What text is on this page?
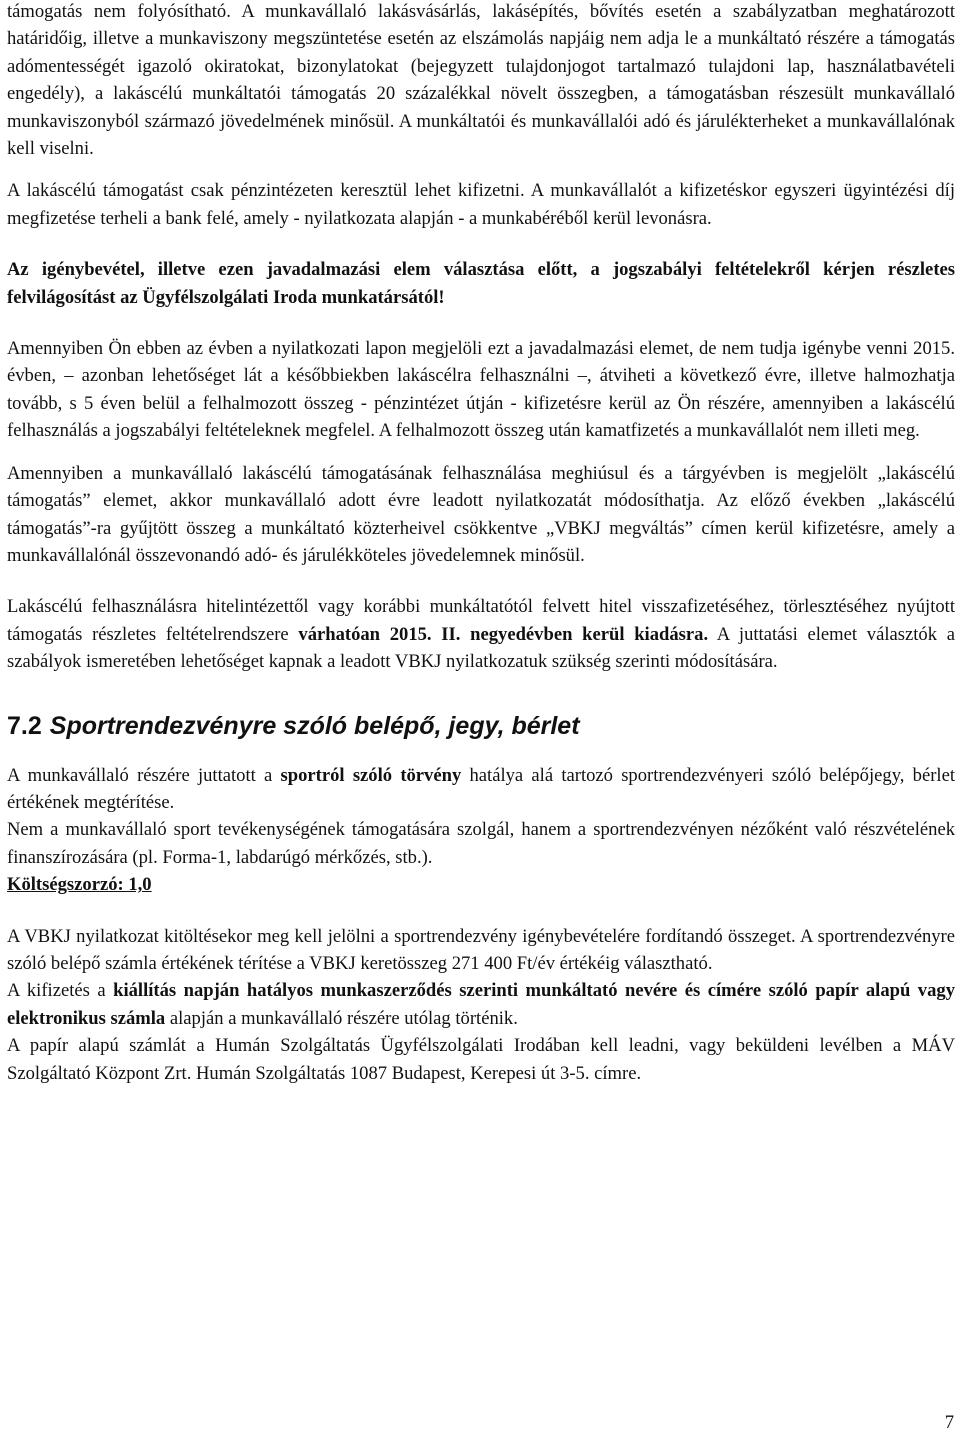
támogatás nem folyósítható. A munkavállaló lakásvásárlás, lakásépítés, bővítés esetén a szabályzatban meghatározott határidőig, illetve a munkaviszony megszüntetése esetén az elszámolás napjáig nem adja le a munkáltató részére a támogatás adómentességét igazoló okiratokat, bizonylatokat (bejegyzett tulajdonjogot tartalmazó tulajdoni lap, használatbavételi engedély), a lakáscélú munkáltatói támogatás 20 százalékkal növelt összegben, a támogatásban részesült munkavállaló munkaviszonyból származó jövedelmének minősül. A munkáltatói és munkavállalói adó és járulékterheket a munkavállalónak kell viselni.

A lakáscélú támogatást csak pénzintézeten keresztül lehet kifizetni. A munkavállalót a kifizetéskor egyszeri ügyintézési díj megfizetése terheli a bank felé, amely - nyilatkozata alapján - a munkabéréből kerül levonásra.

Az igénybevétel, illetve ezen javadalmazási elem választása előtt, a jogszabályi feltételekről kérjen részletes felvilágosítást az Ügyfélszolgálati Iroda munkatársától!

Amennyiben Ön ebben az évben a nyilatkozati lapon megjelöli ezt a javadalmazási elemet, de nem tudja igénybe venni 2015. évben, – azonban lehetőséget lát a későbbiekben lakáscélra felhasználni –, átviheti a következő évre, illetve halmozhatja tovább, s 5 éven belül a felhalmozott összeg - pénzintézet útján - kifizetésre kerül az Ön részére, amennyiben a lakáscélú felhasználás a jogszabályi feltételeknek megfelel. A felhalmozott összeg után kamatfizetés a munkavállalót nem illeti meg.

Amennyiben a munkavállaló lakáscélú támogatásának felhasználása meghiúsul és a tárgyévben is megjelölt „lakáscélú támogatás” elemet, akkor munkavállaló adott évre leadott nyilatkozatát módosíthatja. Az előző években „lakáscélú támogatás”-ra gyűjtött összeg a munkáltató közterheivel csökkentve „VBKJ megváltás” címen kerül kifizetésre, amely a munkavállalónál összevonandó adó- és járulékköteles jövedelemnek minősül.

Lakáscélú felhasználásra hitelintézettől vagy korábbi munkáltatótól felvett hitel visszafizetéséhez, törlesztéséhez nyújtott támogatás részletes feltételrendszere várhatóan 2015. II. negyedévben kerül kiadásra. A juttatási elemet választók a szabályok ismeretében lehetőséget kapnak a leadott VBKJ nyilatkozatuk szükség szerinti módosítására.

7.2 Sportrendezvényre szóló belépő, jegy, bérlet

A munkavállaló részére juttatott a sportról szóló törvény hatálya alá tartozó sportrendezvényeri szóló belépőjegy, bérlet értékének megtérítése.

Nem a munkavállaló sport tevékenységének támogatására szolgál, hanem a sportrendezvényen nézőként való részvételének finanszírozására (pl. Forma-1, labdarúgó mérkőzés, stb.).

Költségszorzó: 1,0

A VBKJ nyilatkozat kitöltésekor meg kell jelölni a sportrendezvény igénybevételére fordítandó összeget. A sportrendezvényre szóló belépő számla értékének térítése a VBKJ keretösszeg 271 400 Ft/év értékéig választható.

A kifizetés a kiállítás napján hatályos munkaszerződés szerinti munkáltató nevére és címére szóló papír alapú vagy elektronikus számla alapján a munkavállaló részére utólag történik.

A papír alapú számlát a Humán Szolgáltatás Ügyfélszolgálati Irodában kell leadni, vagy beküldeni levélben a MÁV Szolgáltató Központ Zrt. Humán Szolgáltatás 1087 Budapest, Kerepesi út 3-5. címre.

7
